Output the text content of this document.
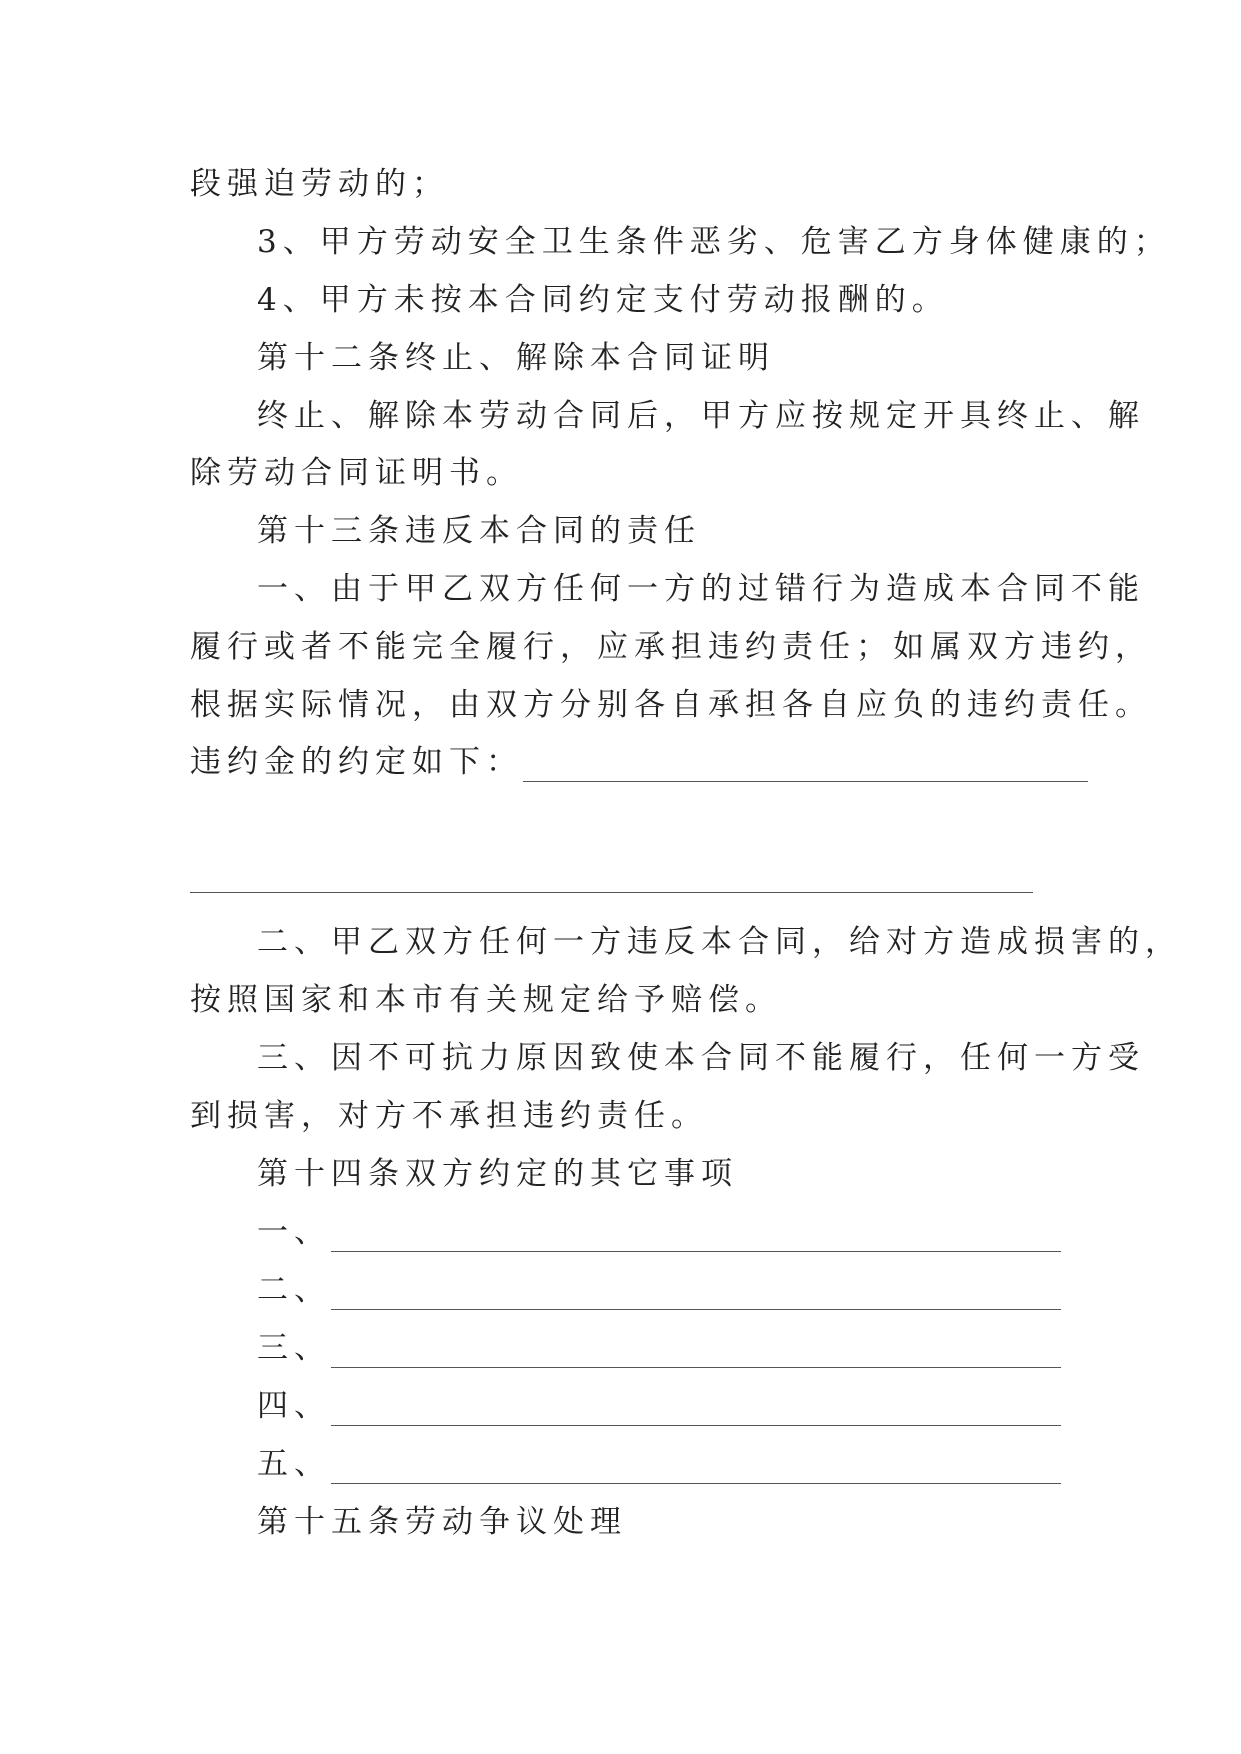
段强迫劳动的；
3、甲方劳动安全卫生条件恶劣、危害乙方身体健康的；
4、甲方未按本合同约定支付劳动报酬的。
第十二条终止、解除本合同证明
终止、解除本劳动合同后，甲方应按规定开具终止、解
除劳动合同证明书。
第十三条违反本合同的责任
一、由于甲乙双方任何一方的过错行为造成本合同不能
履行或者不能完全履行，应承担违约责任；如属双方违约，
根据实际情况，由双方分别各自承担各自应负的违约责任。
违约金的约定如下：
二、甲乙双方任何一方违反本合同，给对方造成损害的，
按照国家和本市有关规定给予赔偿。
三、因不可抗力原因致使本合同不能履行，任何一方受
到损害，对方不承担违约责任。
第十四条双方约定的其它事项
一、
二、
三、
四、
五、
第十五条劳动争议处理
